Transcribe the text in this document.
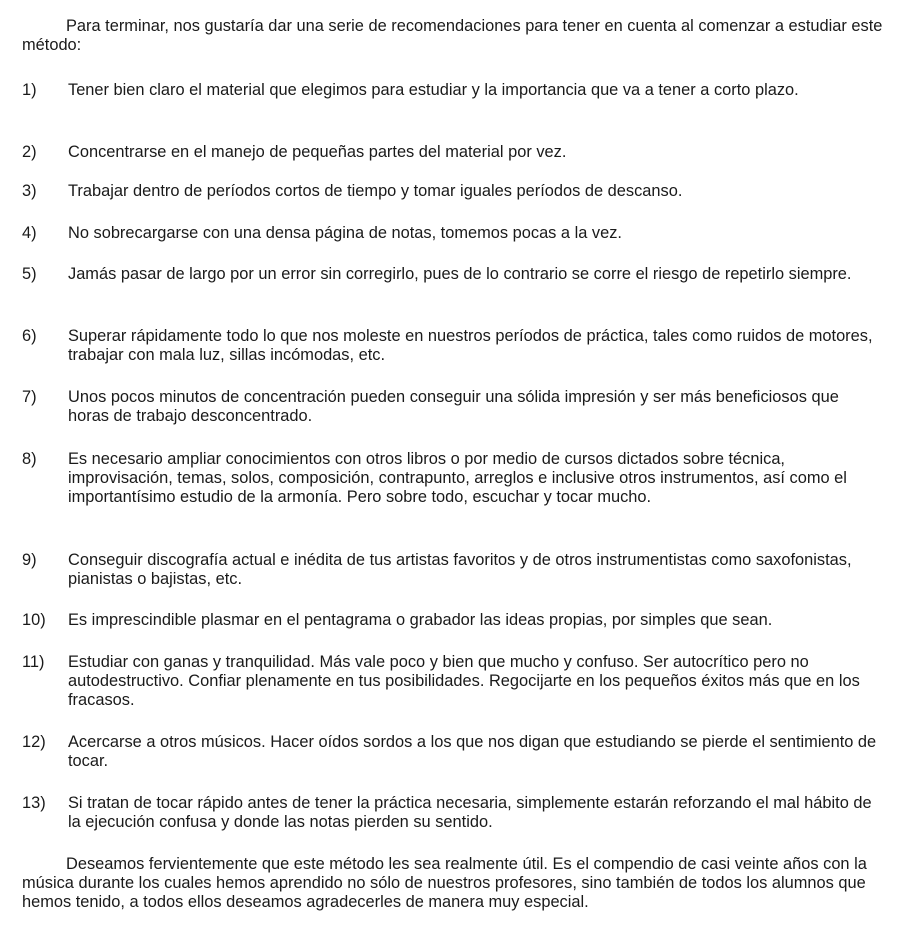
Para terminar, nos gustaría dar una serie de recomendaciones para tener en cuenta al comenzar a estudiar este método:

1) Tener bien claro el material que elegimos para estudiar y la importancia que va a tener a corto plazo.
2) Concentrarse en el manejo de pequeñas partes del material por vez.
3) Trabajar dentro de períodos cortos de tiempo y tomar iguales períodos de descanso.
4) No sobrecargarse con una densa página de notas, tomemos pocas a la vez.
5) Jamás pasar de largo por un error sin corregirlo, pues de lo contrario se corre el riesgo de repetirlo siempre.
6) Superar rápidamente todo lo que nos moleste en nuestros períodos de práctica, tales como ruidos de motores, trabajar con mala luz, sillas incómodas, etc.
7) Unos pocos minutos de concentración pueden conseguir una sólida impresión y ser más beneficiosos que horas de trabajo desconcentrado.
8) Es necesario ampliar conocimientos con otros libros o por medio de cursos dictados sobre técnica, improvisación, temas, solos, composición, contrapunto, arreglos e inclusive otros instrumentos, así como el importantísimo estudio de la armonía. Pero sobre todo, escuchar y tocar mucho.
9) Conseguir discografía actual e inédita de tus artistas favoritos y de otros instrumentistas como saxofonistas, pianistas o bajistas, etc.
10) Es imprescindible plasmar en el pentagrama o grabador las ideas propias, por simples que sean.
11) Estudiar con ganas y tranquilidad. Más vale poco y bien que mucho y confuso. Ser autocrítico pero no autodestructivo. Confiar plenamente en tus posibilidades. Regocijarte en los pequeños éxitos más que en los fracasos.
12) Acercarse a otros músicos. Hacer oídos sordos a los que nos digan que estudiando se pierde el sentimiento de tocar.
13) Si tratan de tocar rápido antes de tener la práctica necesaria, simplemente estarán reforzando el mal hábito de la ejecución confusa y donde las notas pierden su sentido.

Deseamos fervientemente que este método les sea realmente útil. Es el compendio de casi veinte años con la música durante los cuales hemos aprendido no sólo de nuestros profesores, sino también de todos los alumnos que hemos tenido, a todos ellos deseamos agradecerles de manera muy especial.
